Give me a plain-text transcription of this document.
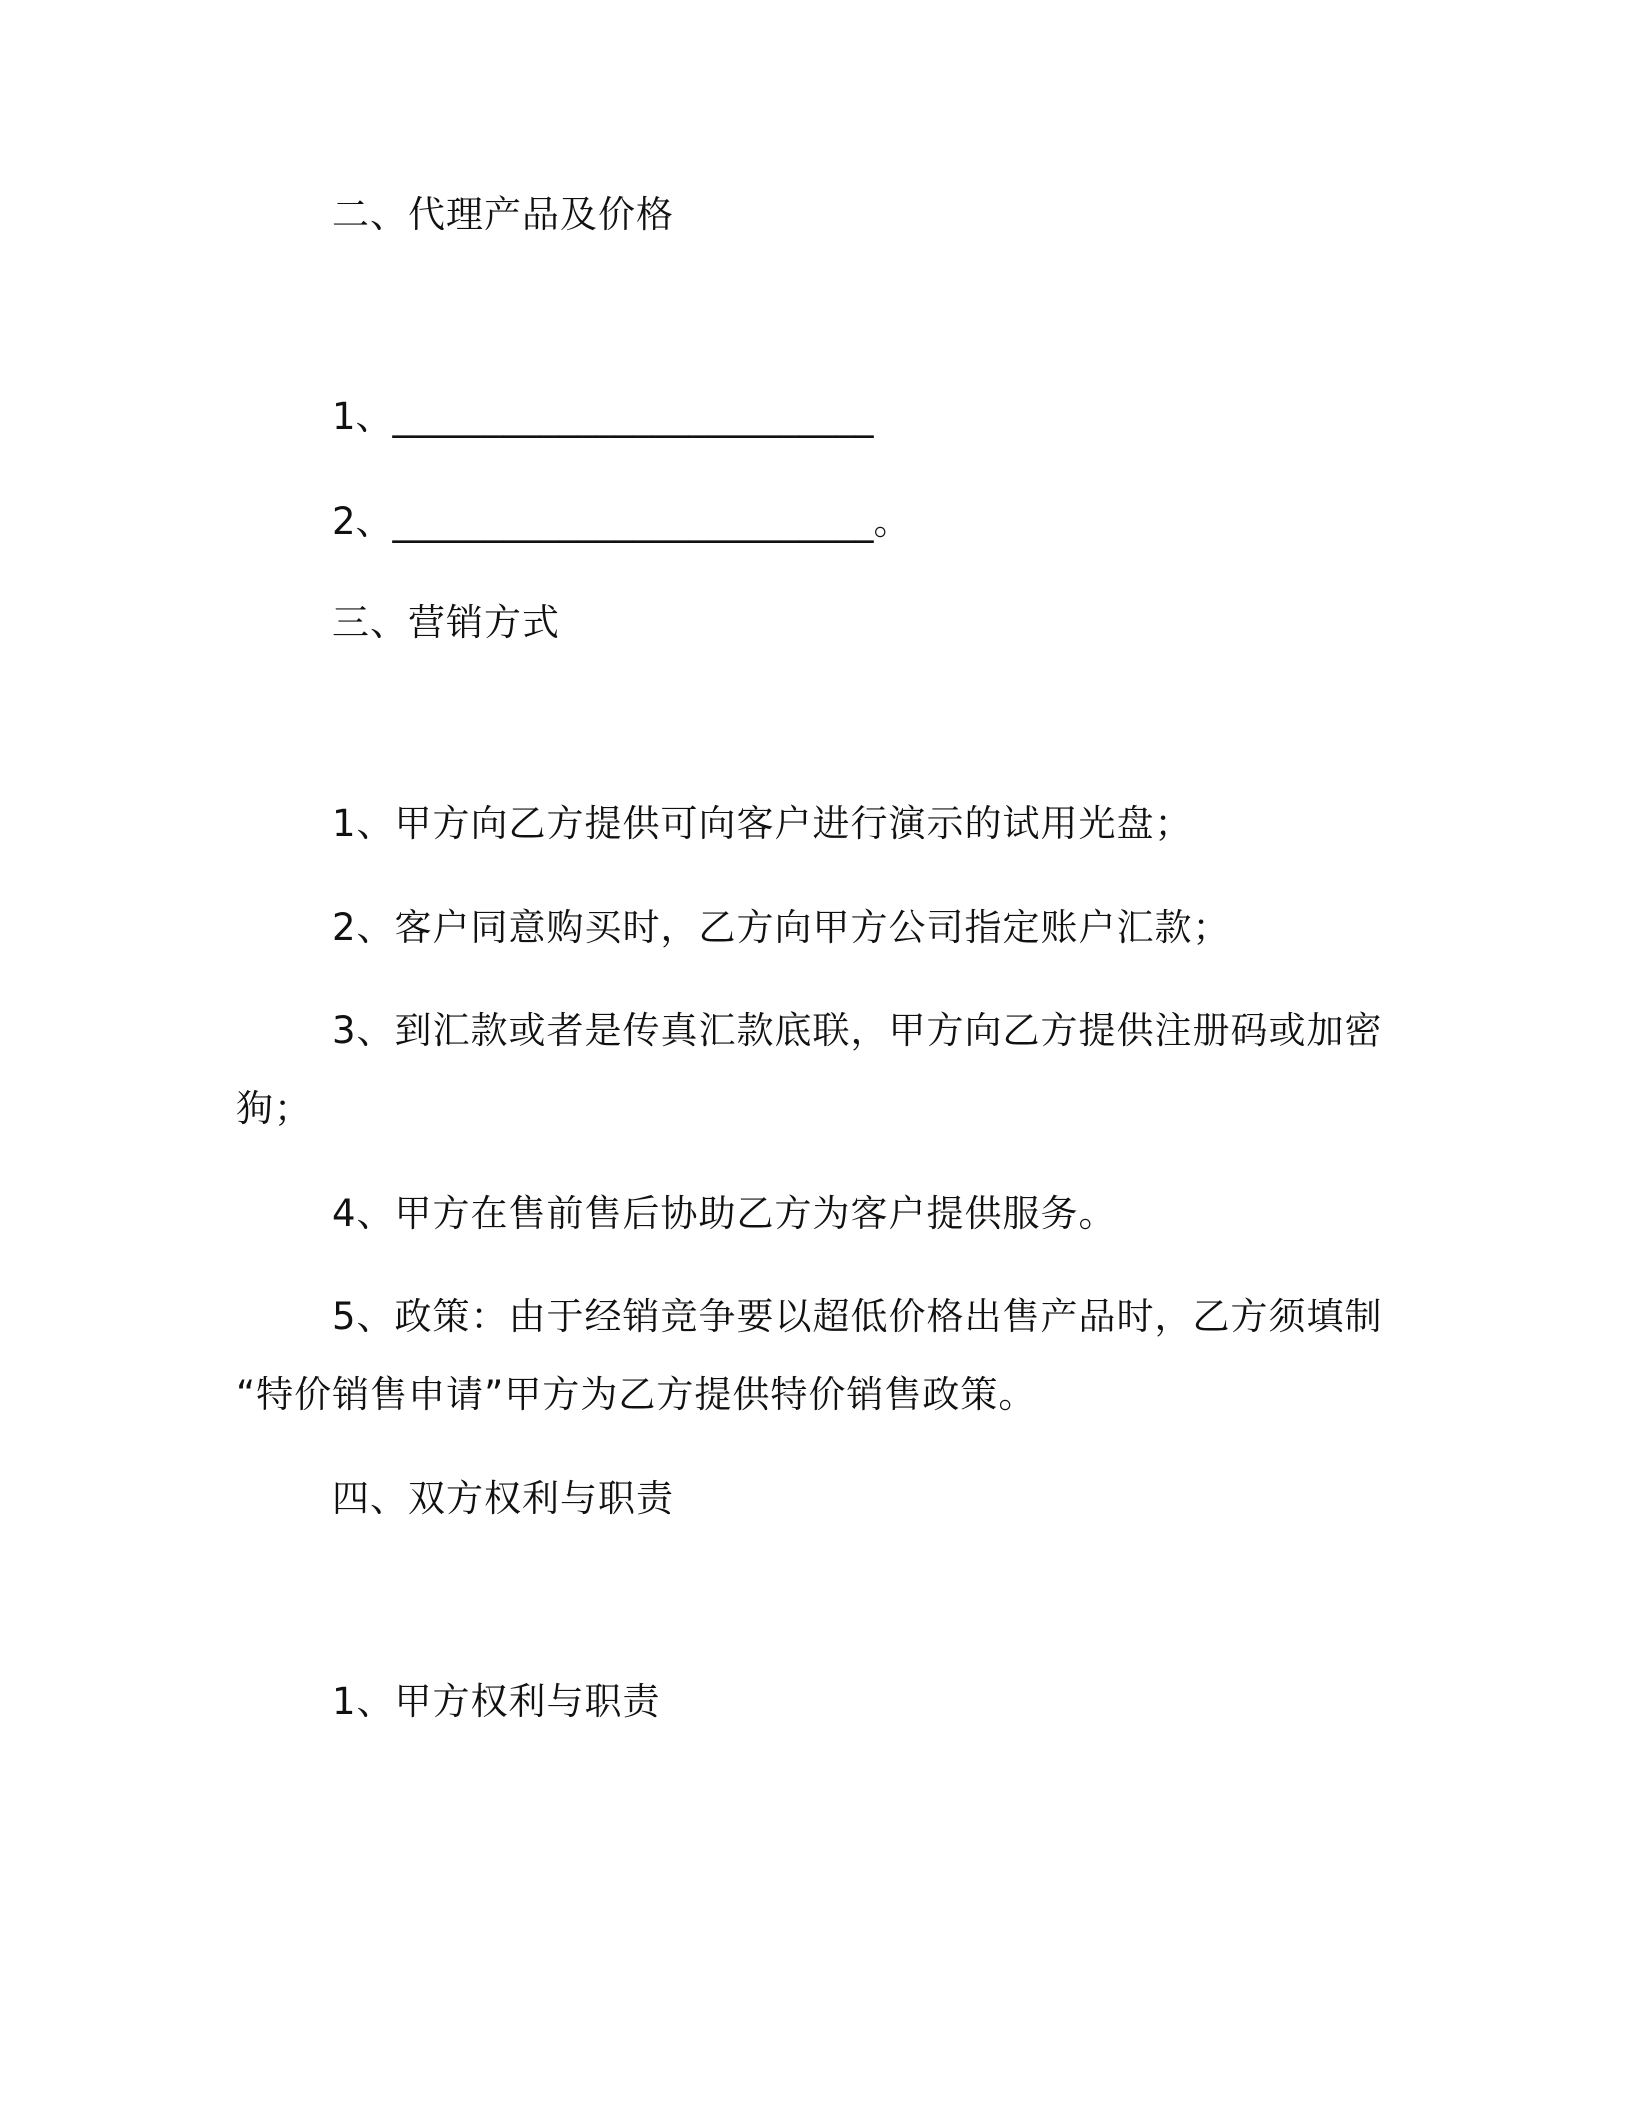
二、代理产品及价格
1、__________________________
2、__________________________。
三、营销方式
1、甲方向乙方提供可向客户进行演示的试用光盘；
2、客户同意购买时，乙方向甲方公司指定账户汇款；
3、到汇款或者是传真汇款底联，甲方向乙方提供注册码或加密
狗；
4、甲方在售前售后协助乙方为客户提供服务。
5、政策：由于经销竞争要以超低价格出售产品时，乙方须填制
“特价销售申请”甲方为乙方提供特价销售政策。
四、双方权利与职责
1、甲方权利与职责
